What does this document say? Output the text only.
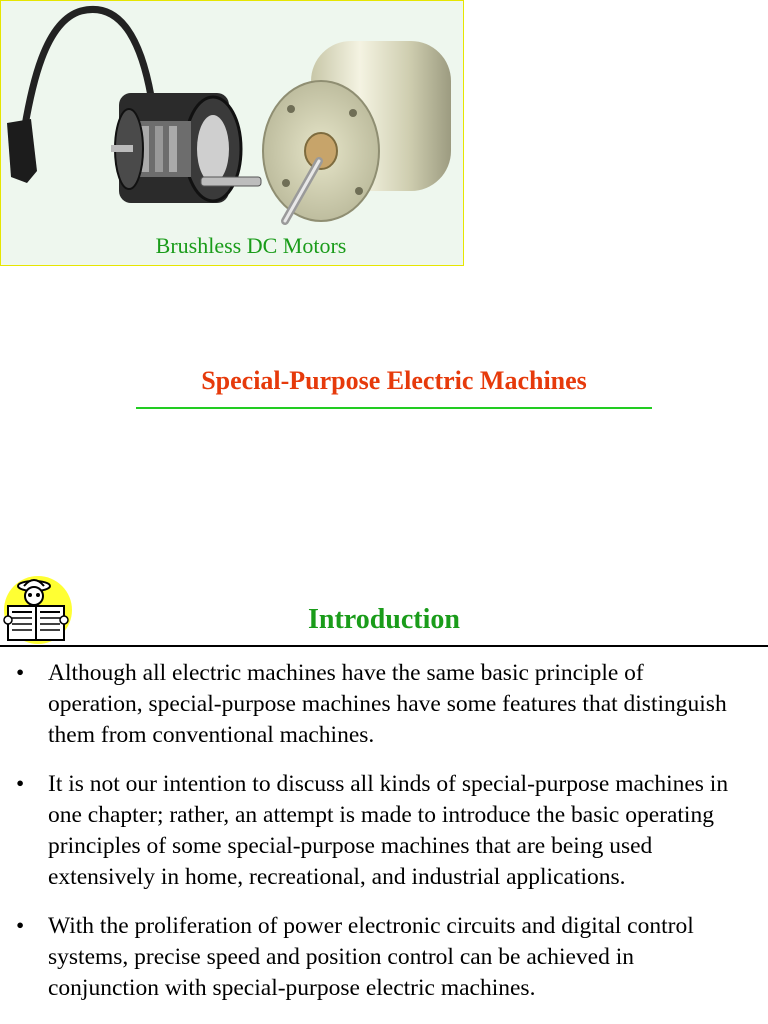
Brushless DC Motors
Special-Purpose Electric Machines
Introduction
• Although all electric machines have the same basic principle of operation, special-purpose machines have some features that distinguish them from conventional machines.
• It is not our intention to discuss all kinds of special-purpose machines in one chapter; rather, an attempt is made to introduce the basic operating principles of some special-purpose machines that are being used extensively in home, recreational, and industrial applications.
• With the proliferation of power electronic circuits and digital control systems, precise speed and position control can be achieved in conjunction with special-purpose electric machines.
